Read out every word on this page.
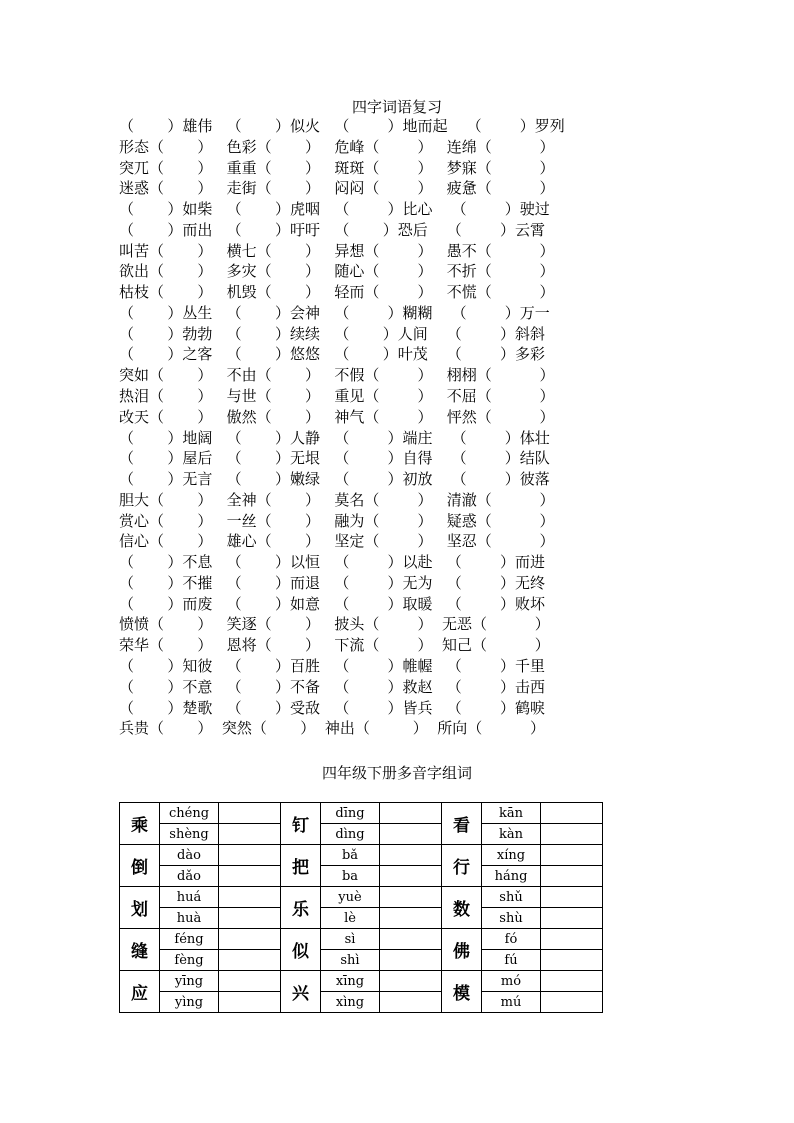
四字词语复习
（       ）雄伟   （       ）似火   （        ）地而起    （        ）罗列
形态（       ）   色彩（       ）   危峰（        ）   连绵（          ）
突兀（       ）   重重（       ）   斑斑（        ）   梦寐（          ）
迷惑（       ）   走街（       ）   闷闷（        ）   疲惫（          ）
（       ）如柴   （       ）虎咽   （        ）比心    （        ）驶过
（       ）而出   （       ）吁吁   （       ）恐后    （        ）云霄
叫苦（       ）   横七（       ）   异想（        ）   愚不（          ）
欲出（       ）   多灾（       ）   随心（        ）   不折（          ）
枯枝（       ）   机毁（       ）   轻而（        ）   不慌（          ）
（       ）丛生   （       ）会神   （        ）糊糊    （        ）万一
（       ）勃勃   （       ）续续   （       ）人间    （        ）斜斜
（       ）之客   （       ）悠悠   （       ）叶茂    （        ）多彩
突如（       ）   不由（       ）   不假（        ）   栩栩（          ）
热泪（       ）   与世（       ）   重见（        ）   不屈（          ）
改天（       ）   傲然（       ）   神气（        ）   怦然（          ）
（       ）地阔   （       ）人静   （        ）端庄    （        ）体壮
（       ）屋后   （       ）无垠   （        ）自得    （        ）结队
（       ）无言   （       ）嫩绿   （        ）初放    （        ）彼落
胆大（       ）   全神（       ）   莫名（        ）   清澈（          ）
赏心（       ）   一丝（       ）   融为（        ）   疑惑（          ）
信心（       ）   雄心（       ）   坚定（        ）   坚忍（          ）
（       ）不息   （       ）以恒   （        ）以赴   （        ）而进
（       ）不摧   （       ）而退   （        ）无为   （        ）无终
（       ）而废   （       ）如意   （        ）取暖   （        ）败坏
愤愤（       ）   笑逐（       ）   披头（        ）  无恶（          ）
荣华（       ）   恩将（       ）   下流（        ）  知己（          ）
（       ）知彼   （       ）百胜   （        ）帷幄   （        ）千里
（       ）不意   （       ）不备   （        ）救赵   （        ）击西
（       ）楚歌   （       ）受敌   （        ）皆兵   （        ）鹤唳
兵贵（       ）  突然（       ）  神出（         ）  所向（          ）
四年级下册多音字组词
乘	chéng		钉	dīng		看	kān	
	shèng			dìng			kàn	
倒	dào		把	bǎ		行	xíng	
	dǎo			ba			háng	
划	huá		乐	yuè		数	shǔ	
	huà			lè			shù	
缝	féng		似	sì		佛	fó	
	fèng			shì			fú	
应	yīng		兴	xīng		模	mó	
	yìng			xìng			mú	
